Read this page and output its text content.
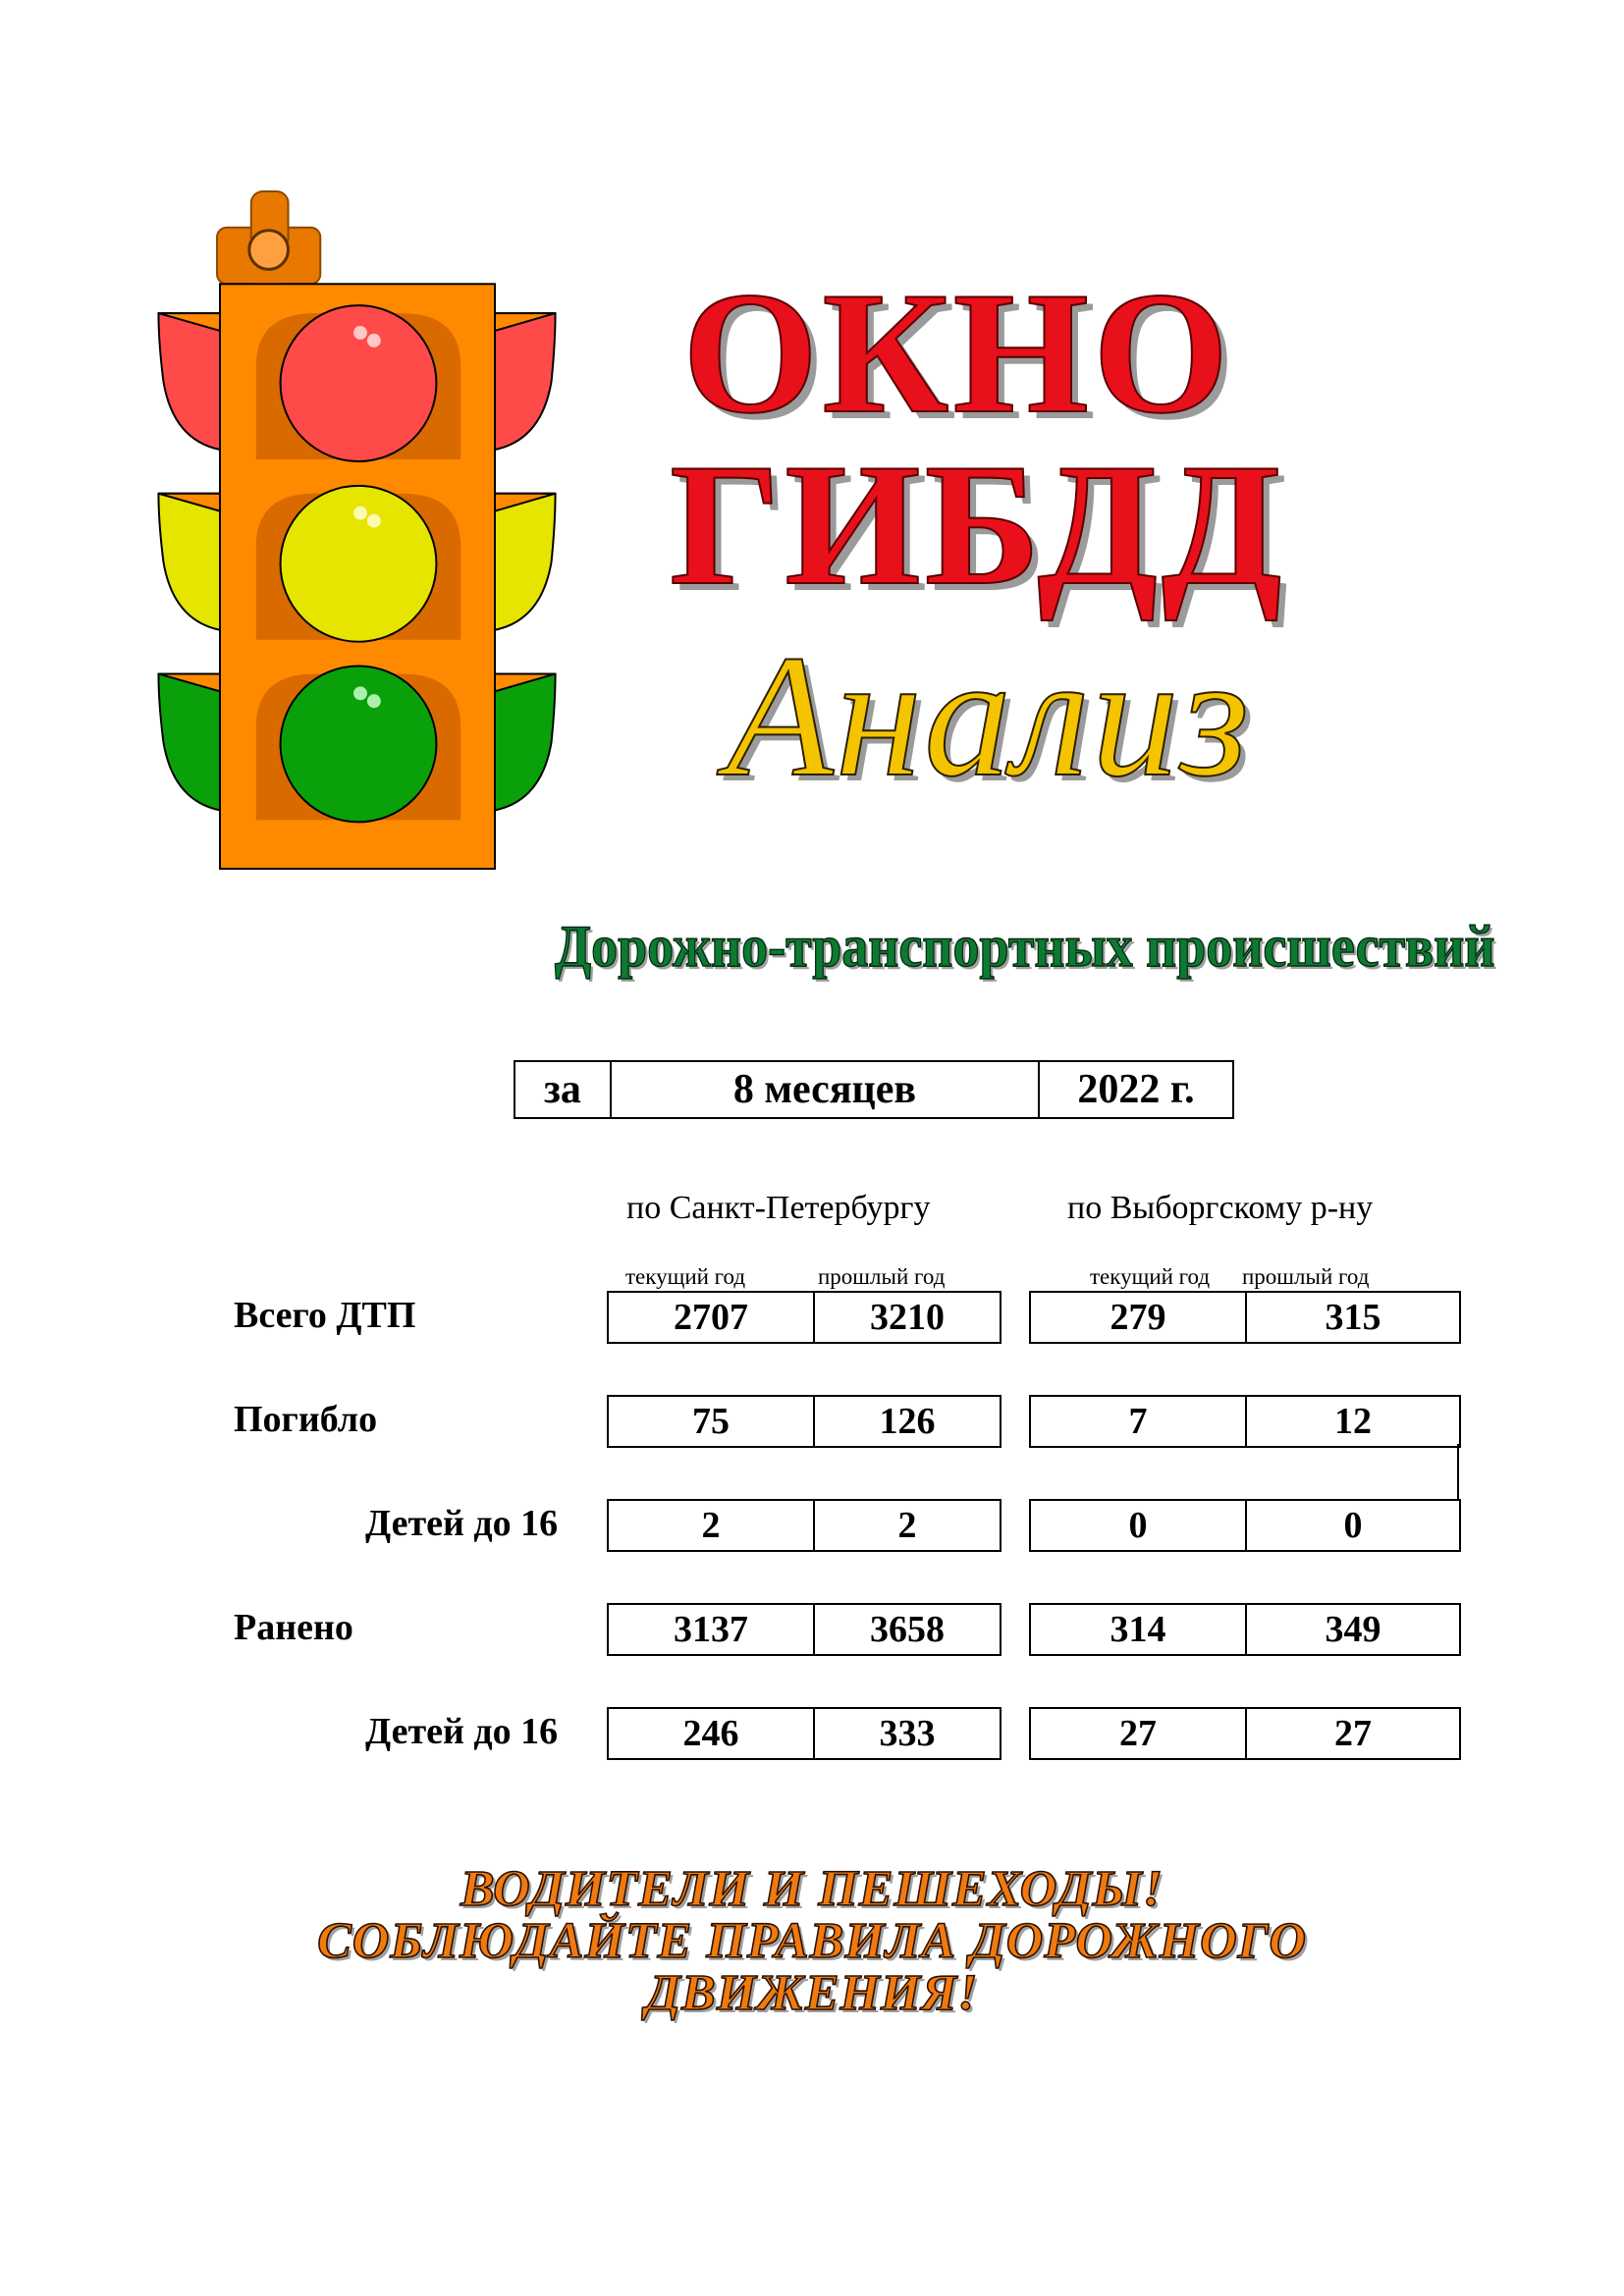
ОКНО
ГИБДД
Анализ
Дорожно-транспортных происшествий
за	8 месяцев	2022 г.
по Санкт-Петербургу	по Выборгскому р-ну
текущий год	прошлый год	текущий год прошлый год
Всего ДТП	2707	3210	279	315
Погибло	75	126	7	12
Детей до 16	2	2	0	0
Ранено	3137	3658	314	349
Детей до 16	246	333	27	27
ВОДИТЕЛИ И ПЕШЕХОДЫ!
СОБЛЮДАЙТЕ ПРАВИЛА ДОРОЖНОГО
ДВИЖЕНИЯ!
